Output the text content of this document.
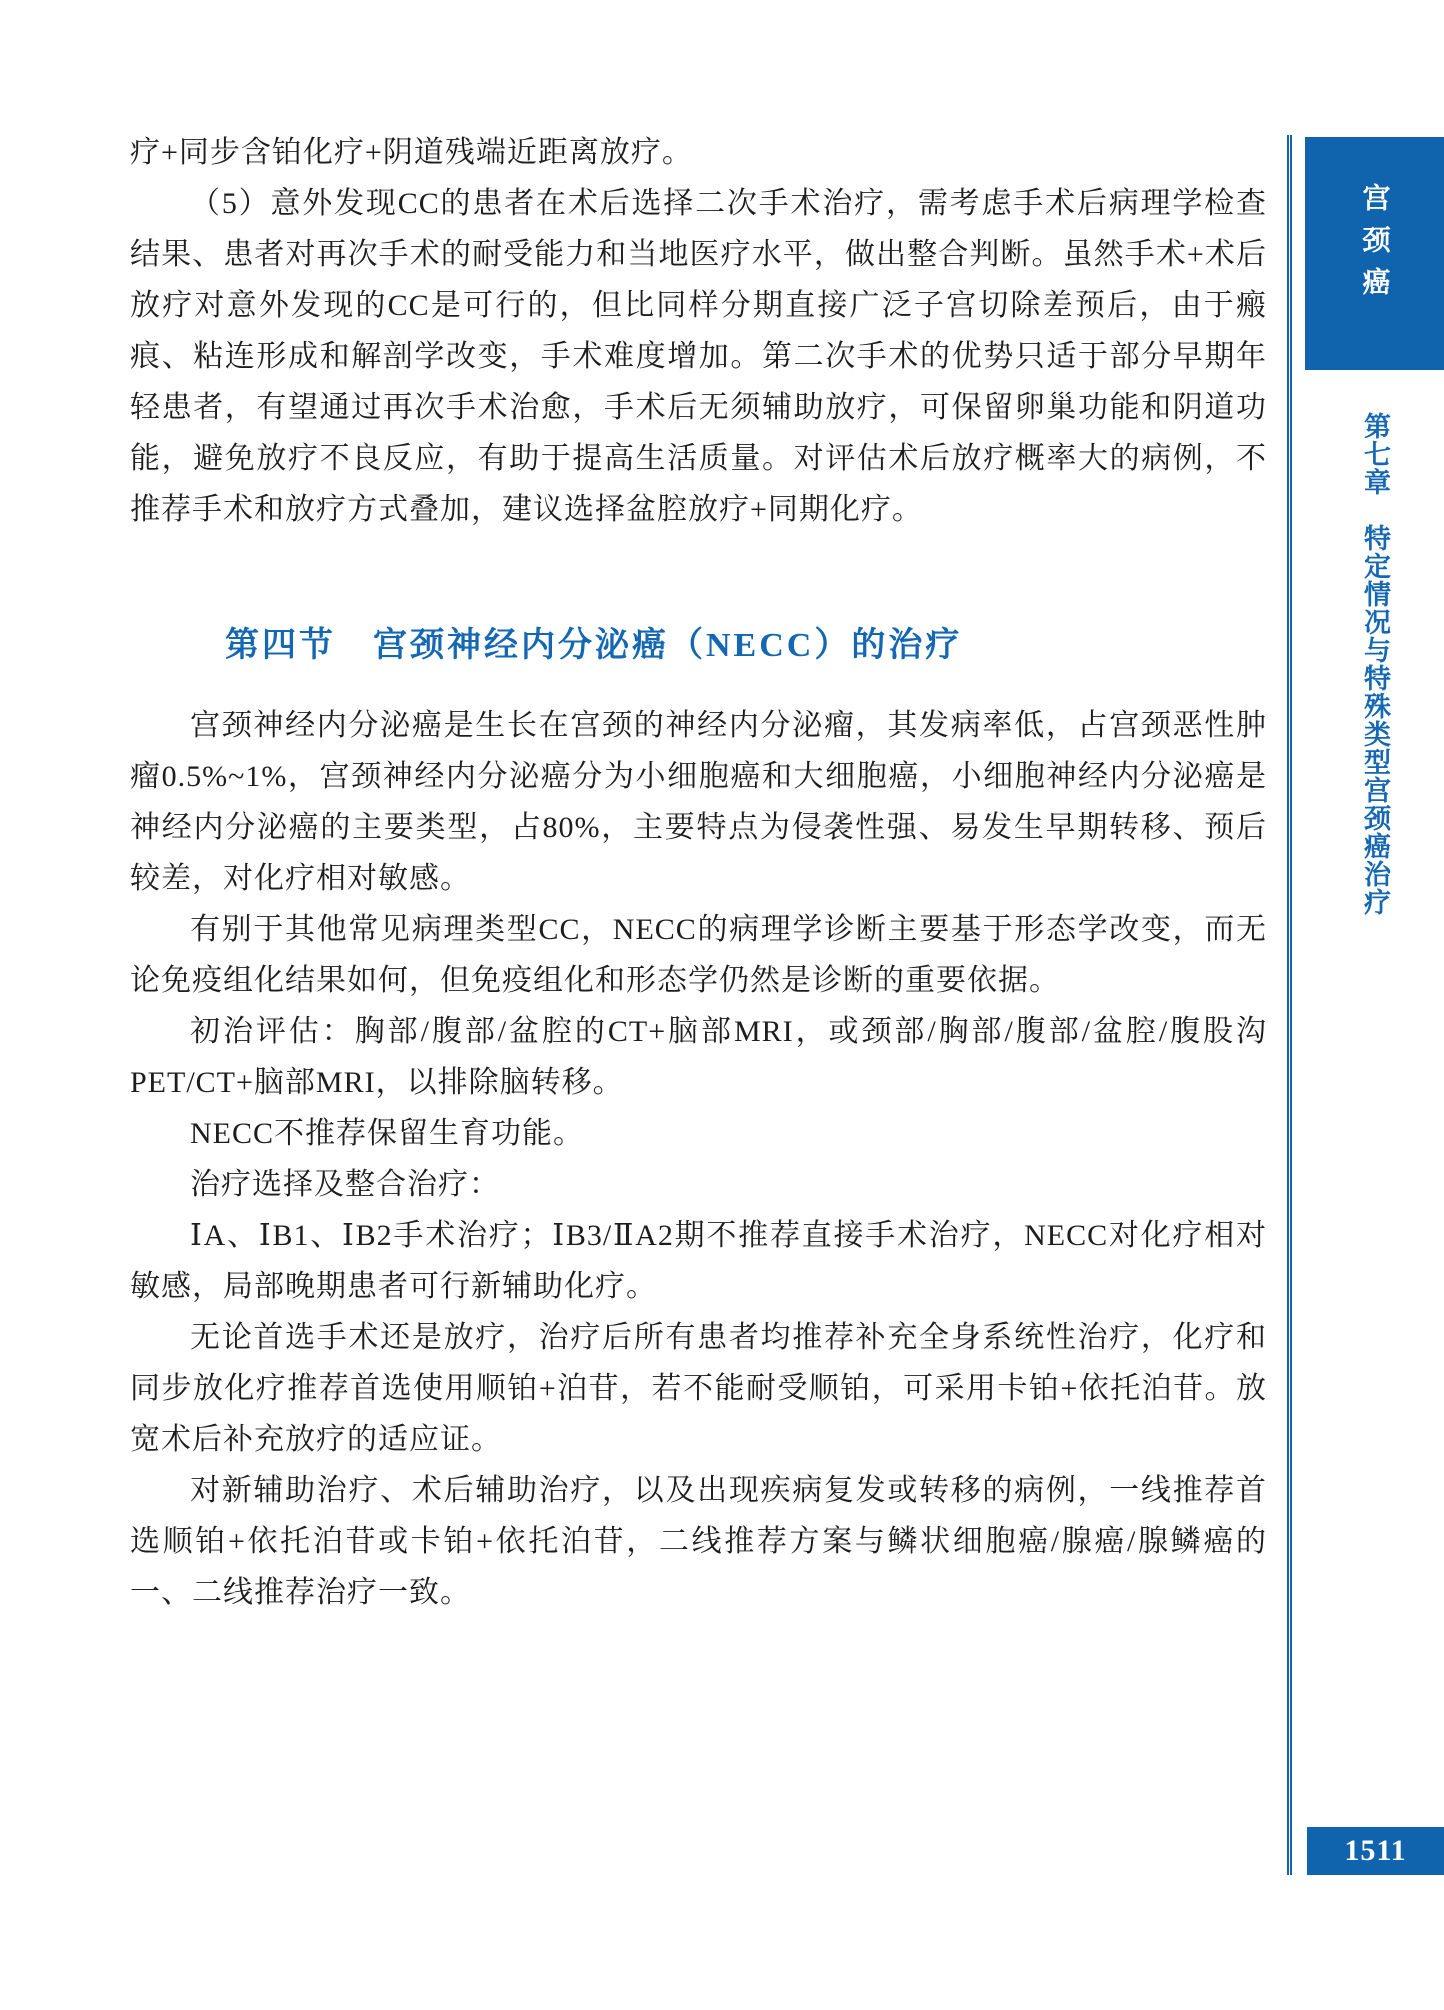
疗+同步含铂化疗+阴道残端近距离放疗。

（5）意外发现CC的患者在术后选择二次手术治疗，需考虑手术后病理学检查结果、患者对再次手术的耐受能力和当地医疗水平，做出整合判断。虽然手术+术后放疗对意外发现的CC是可行的，但比同样分期直接广泛子宫切除差预后，由于瘢痕、粘连形成和解剖学改变，手术难度增加。第二次手术的优势只适于部分早期年轻患者，有望通过再次手术治愈，手术后无须辅助放疗，可保留卵巢功能和阴道功能，避免放疗不良反应，有助于提高生活质量。对评估术后放疗概率大的病例，不推荐手术和放疗方式叠加，建议选择盆腔放疗+同期化疗。

第四节　宫颈神经内分泌癌（NECC）的治疗

宫颈神经内分泌癌是生长在宫颈的神经内分泌瘤，其发病率低，占宫颈恶性肿瘤0.5%~1%，宫颈神经内分泌癌分为小细胞癌和大细胞癌，小细胞神经内分泌癌是神经内分泌癌的主要类型，占80%，主要特点为侵袭性强、易发生早期转移、预后较差，对化疗相对敏感。

有别于其他常见病理类型CC，NECC的病理学诊断主要基于形态学改变，而无论免疫组化结果如何，但免疫组化和形态学仍然是诊断的重要依据。

初治评估：胸部/腹部/盆腔的CT+脑部MRI，或颈部/胸部/腹部/盆腔/腹股沟PET/CT+脑部MRI，以排除脑转移。

NECC不推荐保留生育功能。

治疗选择及整合治疗：

ⅠA、ⅠB1、ⅠB2手术治疗；ⅠB3/ⅡA2期不推荐直接手术治疗，NECC对化疗相对敏感，局部晚期患者可行新辅助化疗。

无论首选手术还是放疗，治疗后所有患者均推荐补充全身系统性治疗，化疗和同步放化疗推荐首选使用顺铂+泊苷，若不能耐受顺铂，可采用卡铂+依托泊苷。放宽术后补充放疗的适应证。

对新辅助治疗、术后辅助治疗，以及出现疾病复发或转移的病例，一线推荐首选顺铂+依托泊苷或卡铂+依托泊苷，二线推荐方案与鳞状细胞癌/腺癌/腺鳞癌的一、二线推荐治疗一致。

宫颈癌
第七章　特定情况与特殊类型宫颈癌治疗
1511
